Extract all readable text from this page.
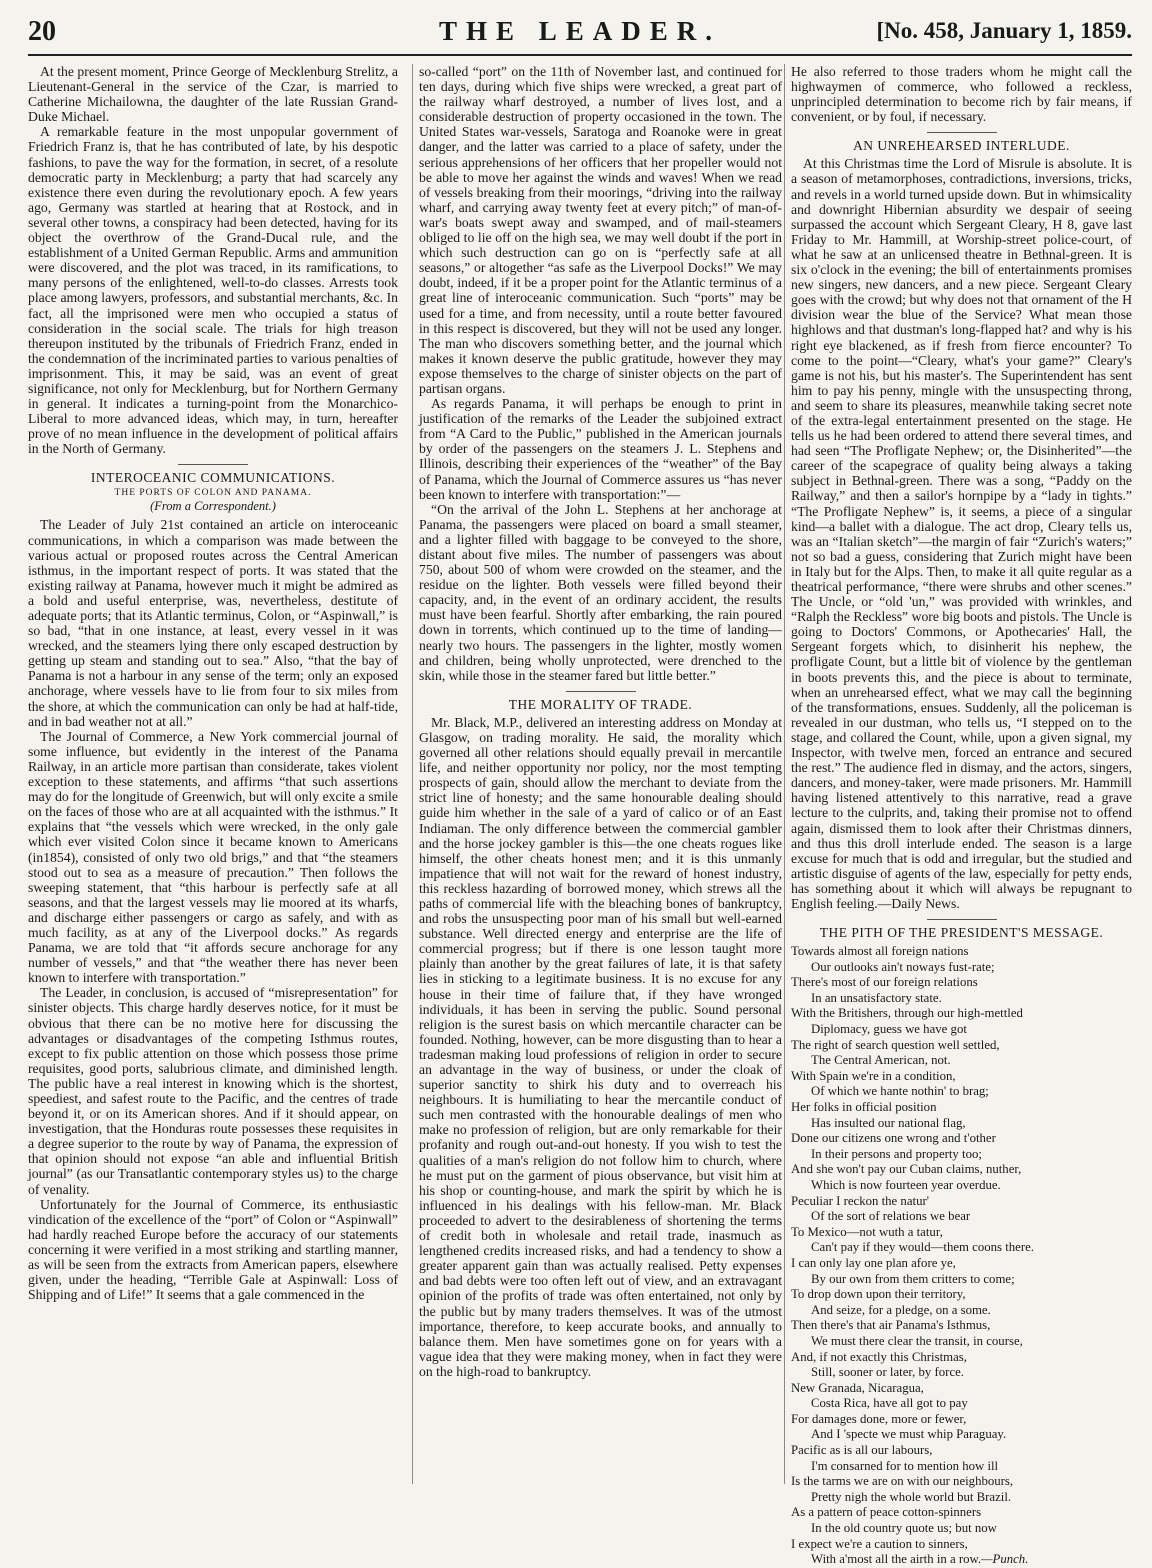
20	THE LEADER.	[No. 458, January 1, 1859.

At the present moment, Prince George of Mecklenburg Strelitz, a Lieutenant-General in the service of the Czar, is married to Catherine Michailowna, the daughter of the late Russian Grand-Duke Michael.

A remarkable feature in the most unpopular government of Friedrich Franz is, that he has contributed of late, by his despotic fashions, to pave the way for the formation, in secret, of a resolute democratic party in Mecklenburg; a party that had scarcely any existence there even during the revolutionary epoch. A few years ago, Germany was startled at hearing that at Rostock, and in several other towns, a conspiracy had been detected, having for its object the overthrow of the Grand-Ducal rule, and the establishment of a United German Republic. Arms and ammunition were discovered, and the plot was traced, in its ramifications, to many persons of the enlightened, well-to-do classes. Arrests took place among lawyers, professors, and substantial merchants, &c. In fact, all the imprisoned were men who occupied a status of consideration in the social scale. The trials for high treason thereupon instituted by the tribunals of Friedrich Franz, ended in the condemnation of the incriminated parties to various penalties of imprisonment. This, it may be said, was an event of great significance, not only for Mecklenburg, but for Northern Germany in general. It indicates a turning-point from the Monarchico-Liberal to more advanced ideas, which may, in turn, hereafter prove of no mean influence in the development of political affairs in the North of Germany.

INTEROCEANIC COMMUNICATIONS.
THE PORTS OF COLON AND PANAMA.
(From a Correspondent.)

The Leader of July 21st contained an article on interoceanic communications, in which a comparison was made between the various actual or proposed routes across the Central American isthmus, in the important respect of ports. It was stated that the existing railway at Panama, however much it might be admired as a bold and useful enterprise, was, nevertheless, destitute of adequate ports; that its Atlantic terminus, Colon, or “Aspinwall,” is so bad, “that in one instance, at least, every vessel in it was wrecked, and the steamers lying there only escaped destruction by getting up steam and standing out to sea.” Also, “that the bay of Panama is not a harbour in any sense of the term; only an exposed anchorage, where vessels have to lie from four to six miles from the shore, at which the communication can only be had at half-tide, and in bad weather not at all.”

The Journal of Commerce, a New York commercial journal of some influence, but evidently in the interest of the Panama Railway, in an article more partisan than considerate, takes violent exception to these statements, and affirms “that such assertions may do for the longitude of Greenwich, but will only excite a smile on the faces of those who are at all acquainted with the isthmus.” It explains that “the vessels which were wrecked, in the only gale which ever visited Colon since it became known to Americans (in1854), consisted of only two old brigs,” and that “the steamers stood out to sea as a measure of precaution.” Then follows the sweeping statement, that “this harbour is perfectly safe at all seasons, and that the largest vessels may lie moored at its wharfs, and discharge either passengers or cargo as safely, and with as much facility, as at any of the Liverpool docks.” As regards Panama, we are told that “it affords secure anchorage for any number of vessels,” and that “the weather there has never been known to interfere with transportation.”

The Leader, in conclusion, is accused of “misrepresentation” for sinister objects. This charge hardly deserves notice, for it must be obvious that there can be no motive here for discussing the advantages or disadvantages of the competing Isthmus routes, except to fix public attention on those which possess those prime requisites, good ports, salubrious climate, and diminished length. The public have a real interest in knowing which is the shortest, speediest, and safest route to the Pacific, and the centres of trade beyond it, or on its American shores. And if it should appear, on investigation, that the Honduras route possesses these requisites in a degree superior to the route by way of Panama, the expression of that opinion should not expose “an able and influential British journal” (as our Transatlantic contemporary styles us) to the charge of venality.

Unfortunately for the Journal of Commerce, its enthusiastic vindication of the excellence of the “port” of Colon or “Aspinwall” had hardly reached Europe before the accuracy of our statements concerning it were verified in a most striking and startling manner, as will be seen from the extracts from American papers, elsewhere given, under the heading, “Terrible Gale at Aspinwall: Loss of Shipping and of Life!” It seems that a gale commenced in the

so-called “port” on the 11th of November last, and continued for ten days, during which five ships were wrecked, a great part of the railway wharf destroyed, a number of lives lost, and a considerable destruction of property occasioned in the town. The United States war-vessels, Saratoga and Roanoke were in great danger, and the latter was carried to a place of safety, under the serious apprehensions of her officers that her propeller would not be able to move her against the winds and waves! When we read of vessels breaking from their moorings, “driving into the railway wharf, and carrying away twenty feet at every pitch;” of man-of-war's boats swept away and swamped, and of mail-steamers obliged to lie off on the high sea, we may well doubt if the port in which such destruction can go on is “perfectly safe at all seasons,” or altogether “as safe as the Liverpool Docks!” We may doubt, indeed, if it be a proper point for the Atlantic terminus of a great line of interoceanic communication. Such “ports” may be used for a time, and from necessity, until a route better favoured in this respect is discovered, but they will not be used any longer. The man who discovers something better, and the journal which makes it known deserve the public gratitude, however they may expose themselves to the charge of sinister objects on the part of partisan organs.

As regards Panama, it will perhaps be enough to print in justification of the remarks of the Leader the subjoined extract from “A Card to the Public,” published in the American journals by order of the passengers on the steamers J. L. Stephens and Illinois, describing their experiences of the “weather” of the Bay of Panama, which the Journal of Commerce assures us “has never been known to interfere with transportation:”—

“On the arrival of the John L. Stephens at her anchorage at Panama, the passengers were placed on board a small steamer, and a lighter filled with baggage to be conveyed to the shore, distant about five miles. The number of passengers was about 750, about 500 of whom were crowded on the steamer, and the residue on the lighter. Both vessels were filled beyond their capacity, and, in the event of an ordinary accident, the results must have been fearful. Shortly after embarking, the rain poured down in torrents, which continued up to the time of landing—nearly two hours. The passengers in the lighter, mostly women and children, being wholly unprotected, were drenched to the skin, while those in the steamer fared but little better.”

THE MORALITY OF TRADE.

Mr. Black, M.P., delivered an interesting address on Monday at Glasgow, on trading morality. He said, the morality which governed all other relations should equally prevail in mercantile life, and neither opportunity nor policy, nor the most tempting prospects of gain, should allow the merchant to deviate from the strict line of honesty; and the same honourable dealing should guide him whether in the sale of a yard of calico or of an East Indiaman. The only difference between the commercial gambler and the horse jockey gambler is this—the one cheats rogues like himself, the other cheats honest men; and it is this unmanly impatience that will not wait for the reward of honest industry, this reckless hazarding of borrowed money, which strews all the paths of commercial life with the bleaching bones of bankruptcy, and robs the unsuspecting poor man of his small but well-earned substance. Well directed energy and enterprise are the life of commercial progress; but if there is one lesson taught more plainly than another by the great failures of late, it is that safety lies in sticking to a legitimate business. It is no excuse for any house in their time of failure that, if they have wronged individuals, it has been in serving the public. Sound personal religion is the surest basis on which mercantile character can be founded. Nothing, however, can be more disgusting than to hear a tradesman making loud professions of religion in order to secure an advantage in the way of business, or under the cloak of superior sanctity to shirk his duty and to overreach his neighbours. It is humiliating to hear the mercantile conduct of such men contrasted with the honourable dealings of men who make no profession of religion, but are only remarkable for their profanity and rough out-and-out honesty. If you wish to test the qualities of a man's religion do not follow him to church, where he must put on the garment of pious observance, but visit him at his shop or counting-house, and mark the spirit by which he is influenced in his dealings with his fellow-man. Mr. Black proceeded to advert to the desirableness of shortening the terms of credit both in wholesale and retail trade, inasmuch as lengthened credits increased risks, and had a tendency to show a greater apparent gain than was actually realised. Petty expenses and bad debts were too often left out of view, and an extravagant opinion of the profits of trade was often entertained, not only by the public but by many traders themselves. It was of the utmost importance, therefore, to keep accurate books, and annually to balance them. Men have sometimes gone on for years with a vague idea that they were making money, when in fact they were on the high-road to bankruptcy.

He also referred to those traders whom he might call the highwaymen of commerce, who followed a reckless, unprincipled determination to become rich by fair means, if convenient, or by foul, if necessary.

AN UNREHEARSED INTERLUDE.

At this Christmas time the Lord of Misrule is absolute. It is a season of metamorphoses, contradictions, inversions, tricks, and revels in a world turned upside down. But in whimsicality and downright Hibernian absurdity we despair of seeing surpassed the account which Sergeant Cleary, H 8, gave last Friday to Mr. Hammill, at Worship-street police-court, of what he saw at an unlicensed theatre in Bethnal-green. It is six o'clock in the evening; the bill of entertainments promises new singers, new dancers, and a new piece. Sergeant Cleary goes with the crowd; but why does not that ornament of the H division wear the blue of the Service? What mean those highlows and that dustman's long-flapped hat? and why is his right eye blackened, as if fresh from fierce encounter? To come to the point—“Cleary, what's your game?” Cleary's game is not his, but his master's. The Superintendent has sent him to pay his penny, mingle with the unsuspecting throng, and seem to share its pleasures, meanwhile taking secret note of the extra-legal entertainment presented on the stage. He tells us he had been ordered to attend there several times, and had seen “The Profligate Nephew; or, the Disinherited”—the career of the scapegrace of quality being always a taking subject in Bethnal-green. There was a song, “Paddy on the Railway,” and then a sailor's hornpipe by a “lady in tights.” “The Profligate Nephew” is, it seems, a piece of a singular kind—a ballet with a dialogue. The act drop, Cleary tells us, was an “Italian sketch”—the margin of fair “Zurich's waters;” not so bad a guess, considering that Zurich might have been in Italy but for the Alps. Then, to make it all quite regular as a theatrical performance, “there were shrubs and other scenes.” The Uncle, or “old 'un,” was provided with wrinkles, and “Ralph the Reckless” wore big boots and pistols. The Uncle is going to Doctors' Commons, or Apothecaries' Hall, the Sergeant forgets which, to disinherit his nephew, the profligate Count, but a little bit of violence by the gentleman in boots prevents this, and the piece is about to terminate, when an unrehearsed effect, what we may call the beginning of the transformations, ensues. Suddenly, all the policeman is revealed in our dustman, who tells us, “I stepped on to the stage, and collared the Count, while, upon a given signal, my Inspector, with twelve men, forced an entrance and secured the rest.” The audience fled in dismay, and the actors, singers, dancers, and money-taker, were made prisoners. Mr. Hammill having listened attentively to this narrative, read a grave lecture to the culprits, and, taking their promise not to offend again, dismissed them to look after their Christmas dinners, and thus this droll interlude ended. The season is a large excuse for much that is odd and irregular, but the studied and artistic disguise of agents of the law, especially for petty ends, has something about it which will always be repugnant to English feeling.—Daily News.

THE PITH OF THE PRESIDENT'S MESSAGE.
Towards almost all foreign nations
Our outlooks ain't noways fust-rate;
There's most of our foreign relations
In an unsatisfactory state.
With the Britishers, through our high-mettled
Diplomacy, guess we have got
The right of search question well settled,
The Central American, not.
With Spain we're in a condition,
Of which we hante nothin' to brag;
Her folks in official position
Has insulted our national flag,
Done our citizens one wrong and t'other
In their persons and property too;
And she won't pay our Cuban claims, nuther,
Which is now fourteen year overdue.
Peculiar I reckon the natur'
Of the sort of relations we bear
To Mexico—not wuth a tatur,
Can't pay if they would—them coons there.
I can only lay one plan afore ye,
By our own from them critters to come;
To drop down upon their territory,
And seize, for a pledge, on a some.
Then there's that air Panama's Isthmus,
We must there clear the transit, in course,
And, if not exactly this Christmas,
Still, sooner or later, by force.
New Granada, Nicaragua,
Costa Rica, have all got to pay
For damages done, more or fewer,
And I 'specte we must whip Paraguay.
Pacific as is all our labours,
I'm consarned for to mention how ill
Is the tarms we are on with our neighbours,
Pretty nigh the whole world but Brazil.
As a pattern of peace cotton-spinners
In the old country quote us; but now
I expect we're a caution to sinners,
With a'most all the airth in a row.—Punch.
